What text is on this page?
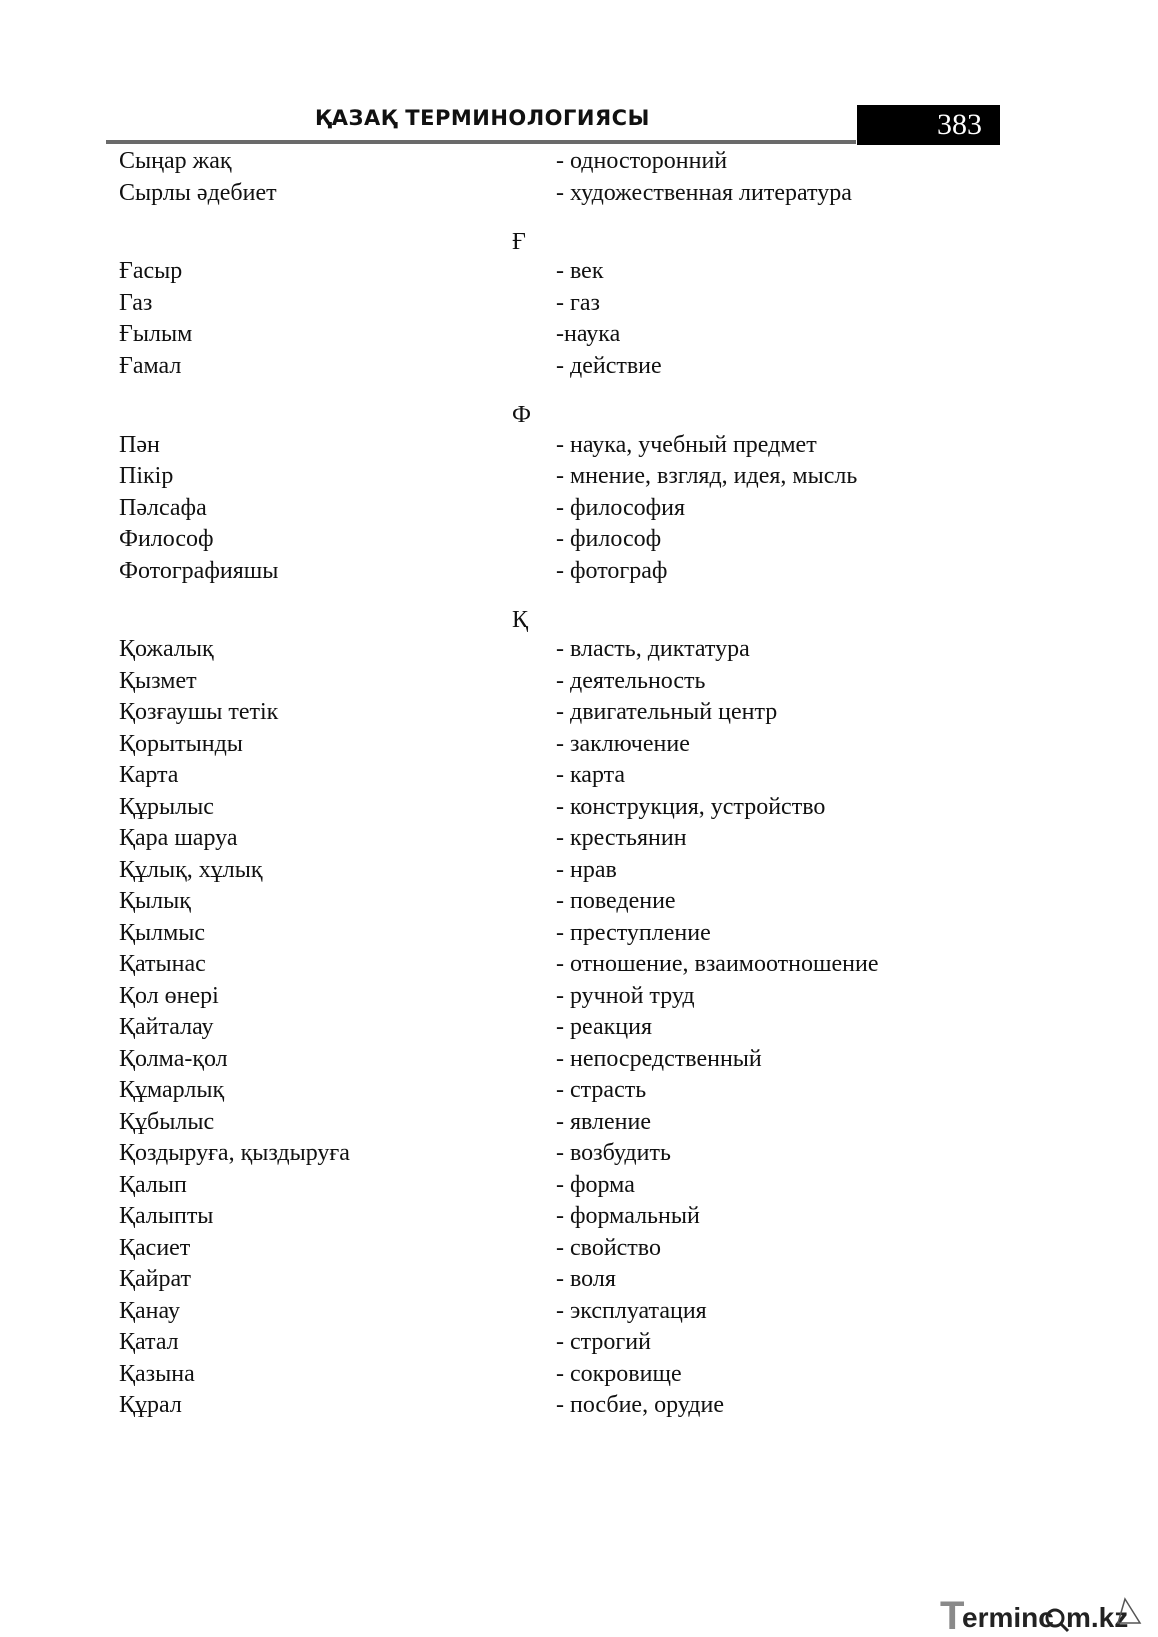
ҚАЗАҚ ТЕРМИНОЛОГИЯСЫ	383
Сыңар жақ	- односторонний
Сырлы әдебиет	- художественная литература
Ғ
Ғасыр	- век
Газ	- газ
Ғылым	-наука
Ғамал	- действие
Ф
Пән	- наука, учебный предмет
Пікір	- мнение, взгляд, идея, мысль
Пәлсафа	- философия
Философ	- философ
Фотографияшы	- фотограф
Қ
Қожалық	- власть, диктатура
Қызмет	- деятельность
Қозғаушы тетік	- двигательный центр
Қорытынды	- заключение
Карта	- карта
Құрылыс	- конструкция, устройство
Қара шаруа	- крестьянин
Құлық, хұлық	- нрав
Қылық	- поведение
Қылмыс	- преступление
Қатынас	- отношение, взаимоотношение
Қол өнері	- ручной труд
Қайталау	- реакция
Қолма-қол	- непосредственный
Құмарлық	- страсть
Құбылыс	- явление
Қоздыруға, қыздыруға	- возбудить
Қалып	- форма
Қалыпты	- формальный
Қасиет	- свойство
Қайрат	- воля
Қанау	- эксплуатация
Қатал	- строгий
Қазына	- сокровище
Құрал	- посбие, орудие
T
erminc m.kz
